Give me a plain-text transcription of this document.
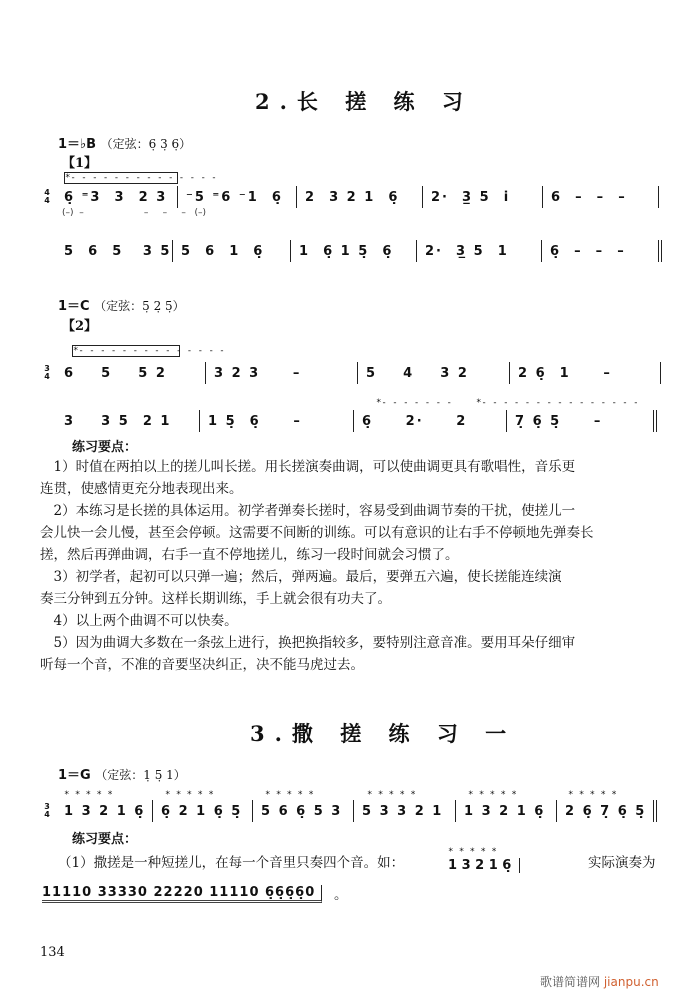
2.长 搓 练 习
1＝♭B （定弦：6̣ 3̣ 6̣）
【1】
*- - - - - - - - - - - - - -
4
4	6̣ ⁼3  3  2 3	⁻5 ⁼6 ⁻1  6̣	2  3 2 1  6̣	2·  3̲ 5  i̇	6  –  –  –
(–)  –                     –     –     –   (–)
5  6  5   3 5 5  6  1  6̣	1  6̣ 1 5̣  6̣	2·  3̲ 5  1	6̣  –  –  –
1＝C （定弦：5̣ 2̣ 5̣）
【2】
*- - - - - - - - - - - - - -
3
4	6    5    5 2	3 2 3     –	5    4    3 2	2 6̣  1     –
*- - - - - - -	*- - - - - - - - - - - - - - -
3    3 5  2 1	1 5̣  6̣     –	6̣     2·     2	7̣ 6̣ 5̣     –
练习要点：
　1）时值在两拍以上的搓儿叫长搓。用长搓演奏曲调，可以使曲调更具有歌唱性，音乐更
连贯，使感情更充分地表现出来。
　2）本练习是长搓的具体运用。初学者弹奏长搓时，容易受到曲调节奏的干扰，使搓儿一
会儿快一会儿慢，甚至会停顿。这需要不间断的训练。可以有意识的让右手不停顿地先弹奏长
搓，然后再弹曲调，右手一直不停地搓儿，练习一段时间就会习惯了。
　3）初学者，起初可以只弹一遍；然后，弹两遍。最后，要弹五六遍，使长搓能连续演
奏三分钟到五分钟。这样长期训练，手上就会很有功夫了。
　4）以上两个曲调不可以快奏。
　5）因为曲调大多数在一条弦上进行，换把换指较多，要特别注意音准。要用耳朵仔细审
听每一个音，不准的音要坚决纠正，决不能马虎过去。
3.撒 搓 练 习 一
1＝G （定弦：1̣ 5̣ 1）
3
4	1 3 2 1 6̣	6̣ 2 1 6̣ 5̣	5 6 6̣ 5 3	5 3 3 2 1	1 3 2 1 6̣	2 6̣ 7̣ 6̣ 5̣
* * * * *	* * * * *	* * * * *	* * * * *	* * * * *	* * * * *
练习要点：
（1）撒搓是一种短搓儿，在每一个音里只奏四个音。如：
* * * * *
1 3 2 1 6̣	实际演奏为
11110 33330 22220 11110 6̣6̣6̣6̣0	。
134
歌谱简谱网 jianpu.cn
